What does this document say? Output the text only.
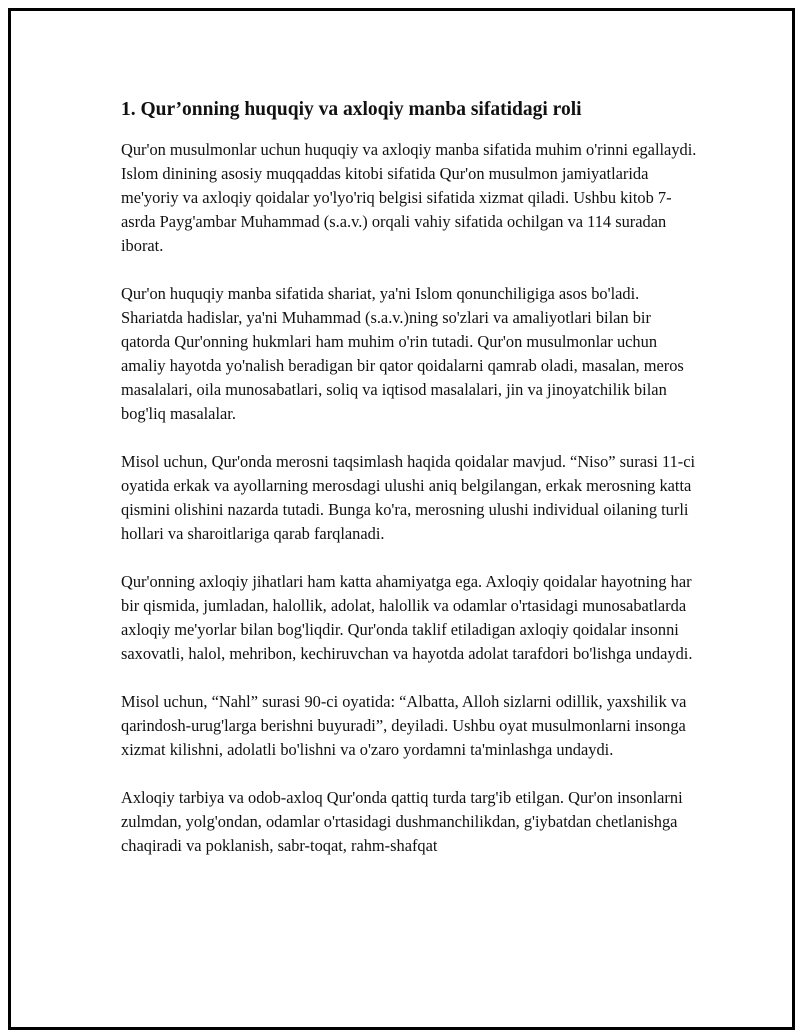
1. Qur’onning huquqiy va axloqiy manba sifatidagi roli

Qur'on musulmonlar uchun huquqiy va axloqiy manba sifatida muhim o'rinni egallaydi. Islom dinining asosiy muqqaddas kitobi sifatida Qur'on musulmon jamiyatlarida me'yoriy va axloqiy qoidalar yo'lyo'riq belgisi sifatida xizmat qiladi. Ushbu kitob 7-asrda Payg'ambar Muhammad (s.a.v.) orqali vahiy sifatida ochilgan va 114 suradan iborat.

Qur'on huquqiy manba sifatida shariat, ya'ni Islom qonunchiligiga asos bo'ladi. Shariatda hadislar, ya'ni Muhammad (s.a.v.)ning so'zlari va amaliyotlari bilan bir qatorda Qur'onning hukmlari ham muhim o'rin tutadi. Qur'on musulmonlar uchun amaliy hayotda yo'nalish beradigan bir qator qoidalarni qamrab oladi, masalan, meros masalalari, oila munosabatlari, soliq va iqtisod masalalari, jin va jinoyatchilik bilan bog'liq masalalar.

Misol uchun, Qur'onda merosni taqsimlash haqida qoidalar mavjud. “Niso” surasi 11-ci oyatida erkak va ayollarning merosdagi ulushi aniq belgilangan, erkak merosning katta qismini olishini nazarda tutadi. Bunga ko'ra, merosning ulushi individual oilaning turli hollari va sharoitlariga qarab farqlanadi.

Qur'onning axloqiy jihatlari ham katta ahamiyatga ega. Axloqiy qoidalar hayotning har bir qismida, jumladan, halollik, adolat, halollik va odamlar o'rtasidagi munosabatlarda axloqiy me'yorlar bilan bog'liqdir. Qur'onda taklif etiladigan axloqiy qoidalar insonni saxovatli, halol, mehribon, kechiruvchan va hayotda adolat tarafdori bo'lishga undaydi.

Misol uchun, “Nahl” surasi 90-ci oyatida: “Albatta, Alloh sizlarni odillik, yaxshilik va qarindosh-urug'larga berishni buyuradi”, deyiladi. Ushbu oyat musulmonlarni insonga xizmat kilishni, adolatli bo'lishni va o'zaro yordamni ta'minlashga undaydi.

Axloqiy tarbiya va odob-axloq Qur'onda qattiq turda targ'ib etilgan. Qur'on insonlarni zulmdan, yolg'ondan, odamlar o'rtasidagi dushmanchilikdan, g'iybatdan chetlanishga chaqiradi va poklanish, sabr-toqat, rahm-shafqat
